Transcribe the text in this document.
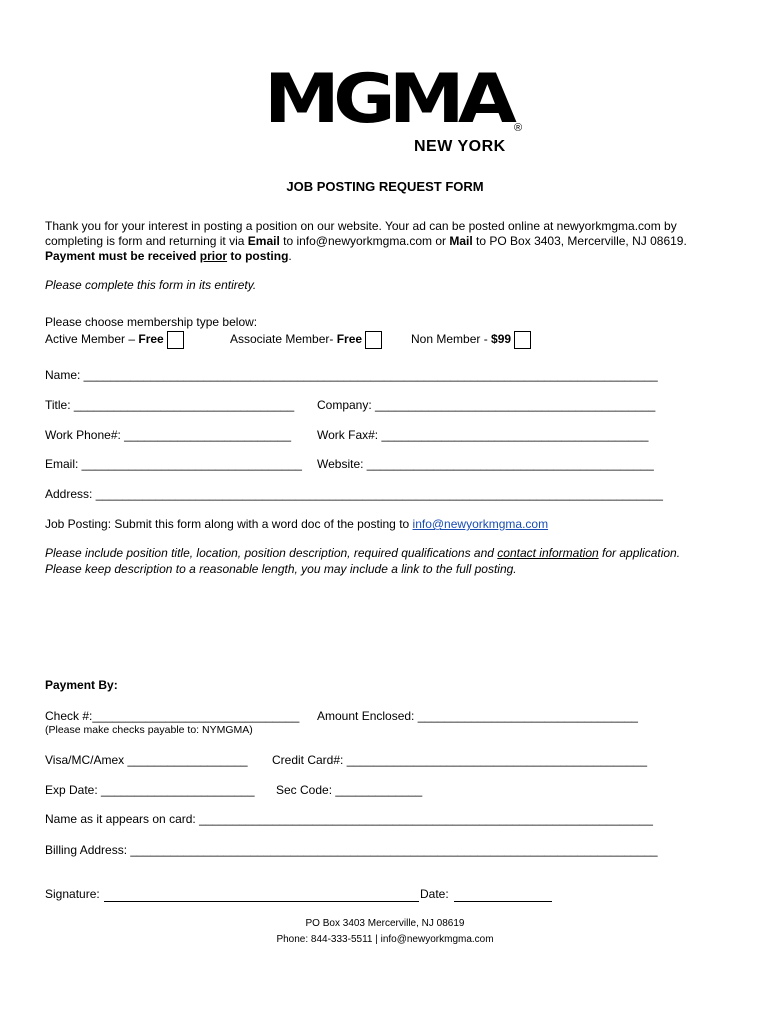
MGMA ®
NEW YORK
JOB POSTING REQUEST FORM
Thank you for your interest in posting a position on our website. Your ad can be posted online at newyorkmgma.com by
completing is form and returning it via Email to info@newyorkmgma.com or Mail to PO Box 3403, Mercerville, NJ 08619.
Payment must be received prior to posting.
Please complete this form in its entirety.
Please choose membership type below:
Active Member – Free	Associate Member- Free	Non Member - $99
Name: ______________________________________________________________________________________
Title: _________________________________ Company: __________________________________________
Work Phone#: _________________________ Work Fax#: ________________________________________
Email: _________________________________ Website: ___________________________________________
Address: _____________________________________________________________________________________
Job Posting: Submit this form along with a word doc of the posting to info@newyorkmgma.com
Please include position title, location, position description, required qualifications and contact information for application.
Please keep description to a reasonable length, you may include a link to the full posting.
Payment By:
Check #:_______________________________ Amount Enclosed: _________________________________
(Please make checks payable to: NYMGMA)
Visa/MC/Amex __________________ Credit Card#: _____________________________________________
Exp Date: _______________________ Sec Code: _____________
Name as it appears on card: ____________________________________________________________________
Billing Address: _______________________________________________________________________________
Signature:	Date:
PO Box 3403 Mercerville, NJ 08619
Phone: 844-333-5511 | info@newyorkmgma.com
